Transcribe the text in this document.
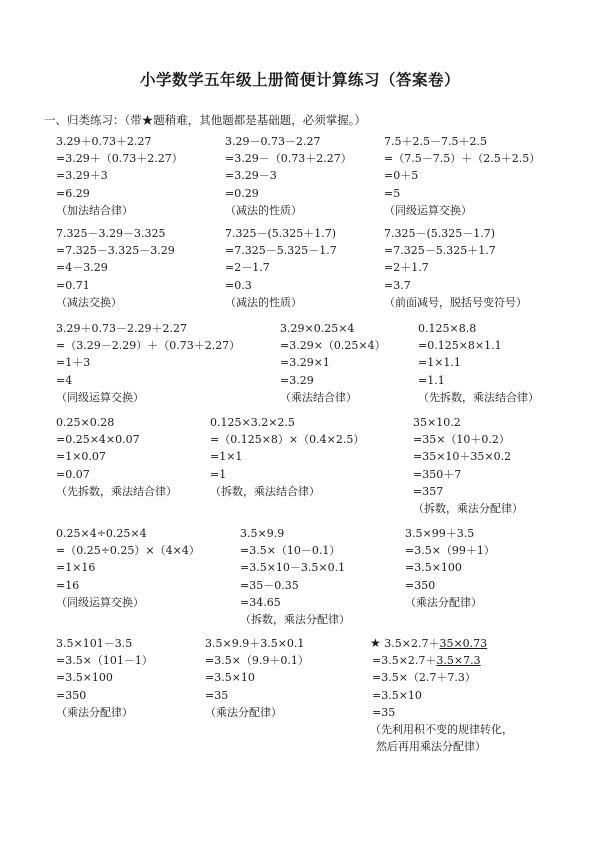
小学数学五年级上册简便计算练习（答案卷）
一、归类练习：（带★题稍难，其他题都是基础题，必须掌握。）
3.29＋0.73＋2.27
=3.29＋（0.73＋2.27）
=3.29＋3
=6.29
（加法结合律）
3.29－0.73－2.27
=3.29－（0.73＋2.27）
=3.29－3
=0.29
（减法的性质）
7.5＋2.5－7.5＋2.5
=（7.5－7.5）＋（2.5＋2.5）
=0＋5
=5
（同级运算交换）
7.325－3.29－3.325
=7.325－3.325－3.29
=4－3.29
=0.71
（减法交换）
7.325－(5.325＋1.7)
=7.325－5.325－1.7
=2－1.7
=0.3
（减法的性质）
7.325－(5.325－1.7)
=7.325－5.325＋1.7
=2＋1.7
=3.7
（前面减号，脱括号变符号）
3.29＋0.73－2.29＋2.27
=（3.29－2.29）＋（0.73＋2.27）
=1＋3
=4
（同级运算交换）
3.29×0.25×4
=3.29×（0.25×4）
=3.29×1
=3.29
（乘法结合律）
0.125×8.8
=0.125×8×1.1
=1×1.1
=1.1
（先拆数，乘法结合律）
0.25×0.28
=0.25×4×0.07
=1×0.07
=0.07
（先拆数，乘法结合律）
0.125×3.2×2.5
=（0.125×8）×（0.4×2.5）
=1×1
=1
（拆数，乘法结合律）
35×10.2
=35×（10＋0.2）
=35×10＋35×0.2
=350＋7
=357
（拆数，乘法分配律）
0.25×4÷0.25×4
=（0.25÷0.25）×（4×4）
=1×16
=16
（同级运算交换）
3.5×9.9
=3.5×（10－0.1）
=3.5×10－3.5×0.1
=35－0.35
=34.65
（拆数，乘法分配律）
3.5×99＋3.5
=3.5×（99＋1）
=3.5×100
=350
（乘法分配律）
3.5×101－3.5
=3.5×（101－1）
=3.5×100
=350
（乘法分配律）
3.5×9.9＋3.5×0.1
=3.5×（9.9＋0.1）
=3.5×10
=35
（乘法分配律）
★ 3.5×2.7＋35×0.73
=3.5×2.7＋3.5×7.3
=3.5×（2.7＋7.3）
=3.5×10
=35
（先利用积不变的规律转化，
然后再用乘法分配律）
